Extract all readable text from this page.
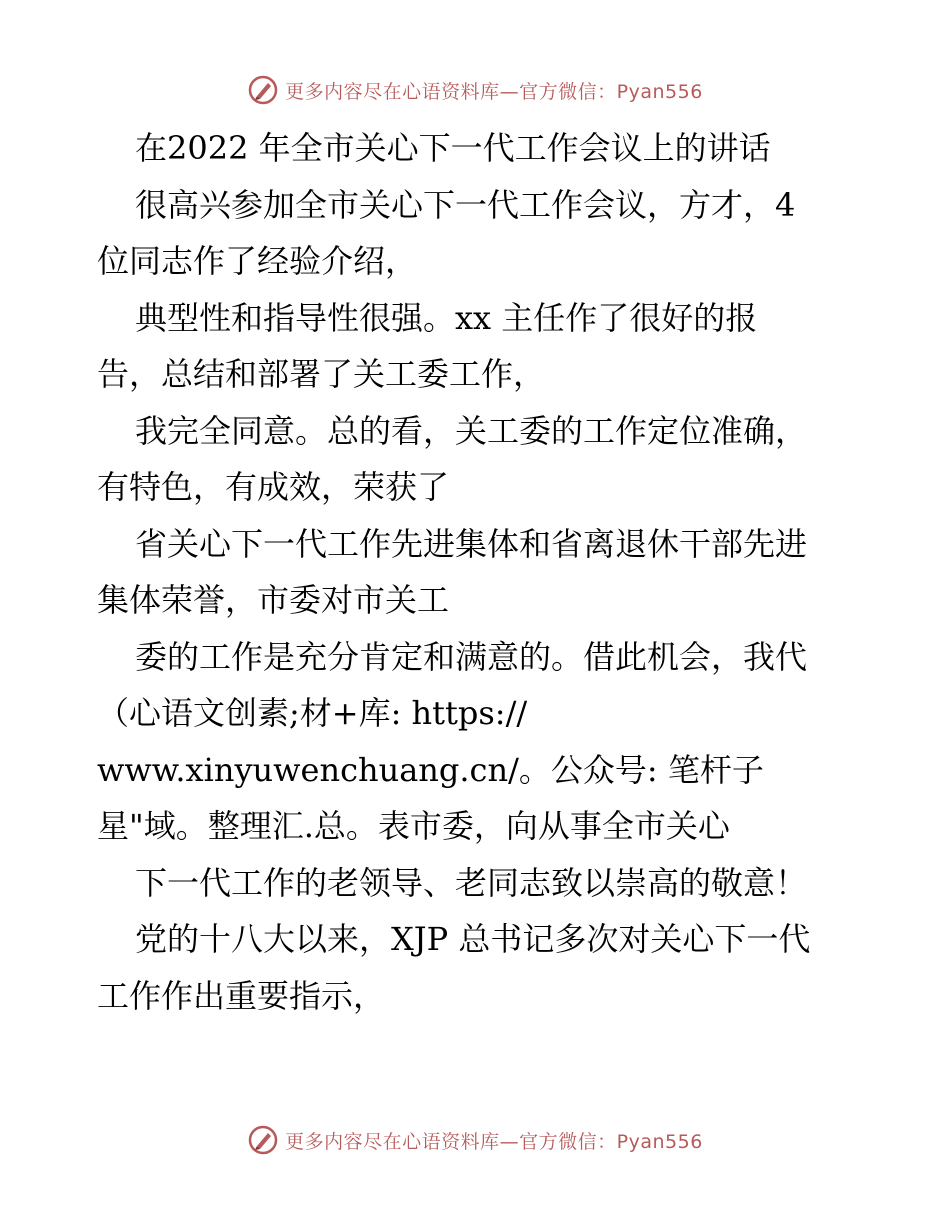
更多内容尽在心语资料库—官方微信：Pyan556
在2022 年全市关心下一代工作会议上的讲话
很高兴参加全市关心下一代工作会议，方才，4
位同志作了经验介绍，
典型性和指导性很强。xx 主任作了很好的报
告，总结和部署了关工委工作，
我完全同意。总的看，关工委的工作定位准确，
有特色，有成效，荣获了
省关心下一代工作先进集体和省离退休干部先进
集体荣誉，市委对市关工
委的工作是充分肯定和满意的。借此机会，我代
（心语文创素;材+库: https://
www.xinyuwenchuang.cn/。公众号: 笔杆子
星"域。整理汇.总。表市委，向从事全市关心
下一代工作的老领导、老同志致以崇高的敬意！
党的十八大以来，XJP 总书记多次对关心下一代
工作作出重要指示，
更多内容尽在心语资料库—官方微信：Pyan556
